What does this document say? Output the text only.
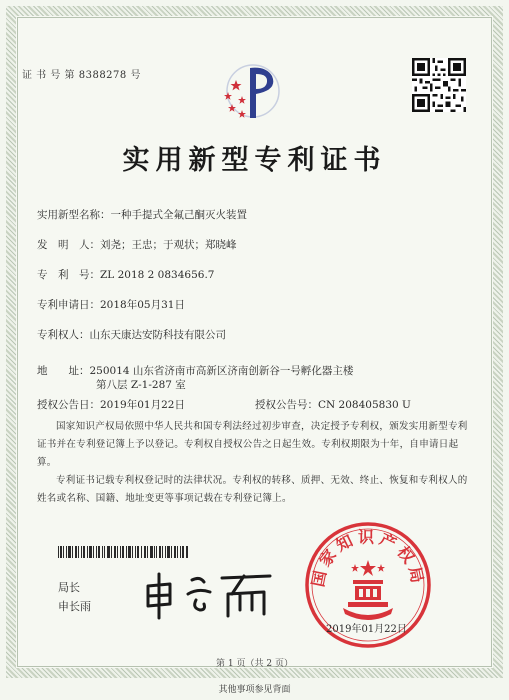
证 书 号 第 8388278 号
实用新型专利证书
实用新型名称：一种手提式全氟己酮灭火装置
发　明　人：刘尧；王忠；于观状；郑晓峰
专　利　号：ZL 2018 2 0834656.7
专利申请日：2018年05月31日
专利权人：山东天康达安防科技有限公司
地　　址：250014 山东省济南市高新区济南创新谷一号孵化器主楼
第八层 Z-1-287 室
授权公告日：2019年01月22日	授权公告号：CN 208405830 U
国家知识产权局依照中华人民共和国专利法经过初步审查，决定授予专利权，颁发实用新型专利证书并在专利登记簿上予以登记。专利权自授权公告之日起生效。专利权期限为十年，自申请日起算。
专利证书记载专利权登记时的法律状况。专利权的转移、质押、无效、终止、恢复和专利权人的姓名或名称、国籍、地址变更等事项记载在专利登记簿上。
局长
申长雨
国家知识产权局
2019年01月22日
第 1 页（共 2 页）
其他事项参见背面
